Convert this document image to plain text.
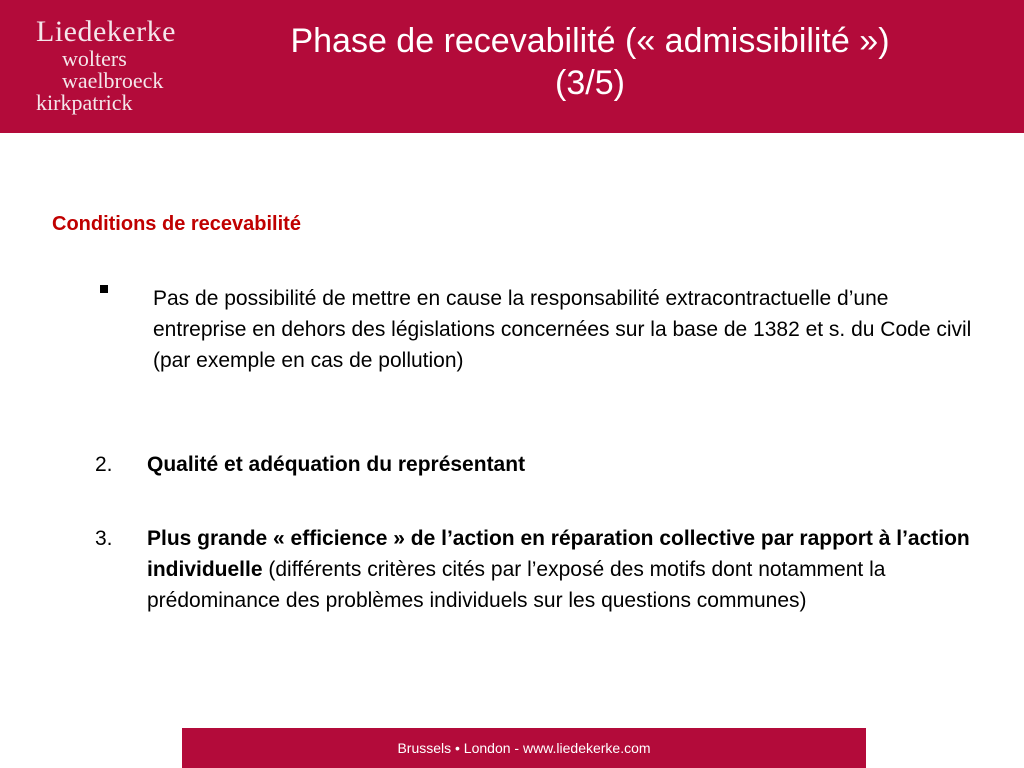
Liedekerke
wolters
waelbroeck
kirkpatrick
Phase de recevabilité (« admissibilité »)
(3/5)
Conditions de recevabilité
Pas de possibilité de mettre en cause la responsabilité extracontractuelle d’une entreprise en dehors des législations concernées sur la base de 1382 et s. du Code civil (par exemple en cas de pollution)
2. Qualité et adéquation du représentant
3. Plus grande « efficience » de l’action en réparation collective par rapport à l’action individuelle (différents critères cités par l’exposé des motifs dont notamment la prédominance des problèmes individuels sur les questions communes)
Brussels • London - www.liedekerke.com
